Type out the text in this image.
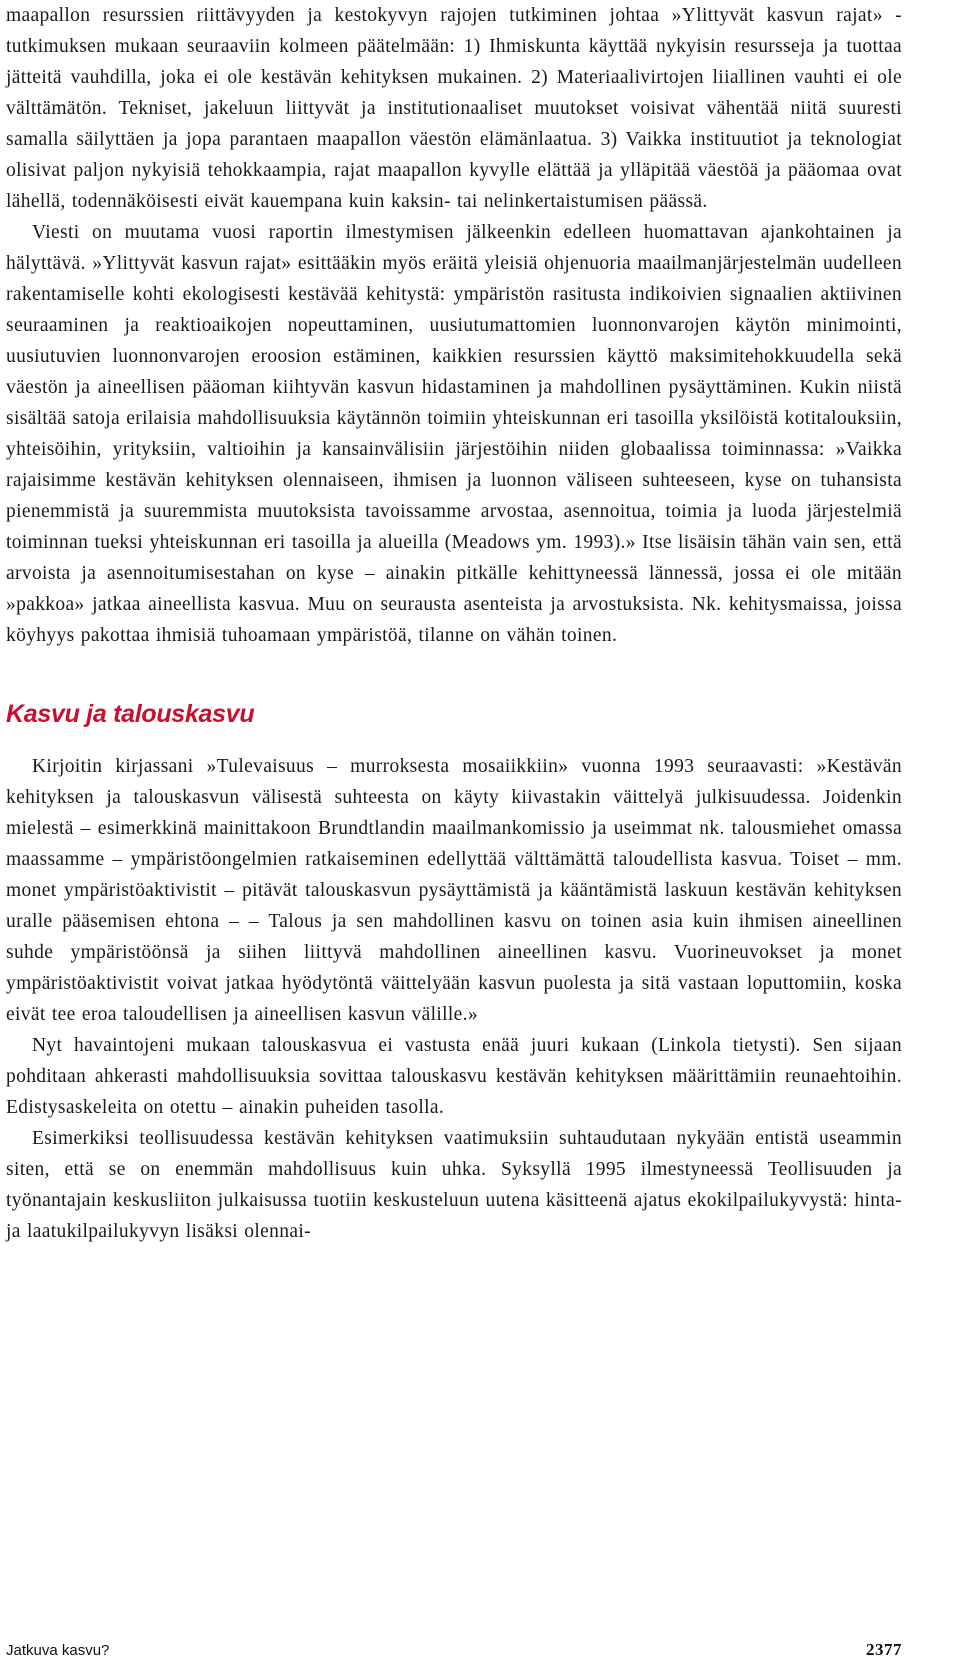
maapallon resurssien riittävyyden ja kestokyvyn rajojen tutkiminen johtaa »Ylittyvät kasvun rajat» -tutkimuksen mukaan seuraaviin kolmeen päätelmään: 1) Ihmiskunta käyttää nykyisin resursseja ja tuottaa jätteitä vauhdilla, joka ei ole kestävän kehityksen mukainen. 2) Materiaalivirtojen liiallinen vauhti ei ole välttämätön. Tekniset, jakeluun liittyvät ja institutionaaliset muutokset voisivat vähentää niitä suuresti samalla säilyttäen ja jopa parantaen maapallon väestön elämänlaatua. 3) Vaikka instituutiot ja teknologiat olisivat paljon nykyisiä tehokkaampia, rajat maapallon kyvylle elättää ja ylläpitää väestöä ja pääomaa ovat lähellä, todennäköisesti eivät kauempana kuin kaksin- tai nelinkertaistumisen päässä.

Viesti on muutama vuosi raportin ilmestymisen jälkeenkin edelleen huomattavan ajankohtainen ja hälyttävä. »Ylittyvät kasvun rajat» esittääkin myös eräitä yleisiä ohjenuoria maailmanjärjestelmän uudelleen rakentamiselle kohti ekologisesti kestävää kehitystä: ympäristön rasitusta indikoivien signaalien aktiivinen seuraaminen ja reaktioaikojen nopeuttaminen, uusiutumattomien luonnonvarojen käytön minimointi, uusiutuvien luonnonvarojen eroosion estäminen, kaikkien resurssien käyttö maksimitehokkuudella sekä väestön ja aineellisen pääoman kiihtyvän kasvun hidastaminen ja mahdollinen pysäyttäminen. Kukin niistä sisältää satoja erilaisia mahdollisuuksia käytännön toimiin yhteiskunnan eri tasoilla yksilöistä kotitalouksiin, yhteisöihin, yrityksiin, valtioihin ja kansainvälisiin järjestöihin niiden globaalissa toiminnassa: »Vaikka rajaisimme kestävän kehityksen olennaiseen, ihmisen ja luonnon väliseen suhteeseen, kyse on tuhansista pienemmistä ja suuremmista muutoksista tavoissamme arvostaa, asennoitua, toimia ja luoda järjestelmiä toiminnan tueksi yhteiskunnan eri tasoilla ja alueilla (Meadows ym. 1993).» Itse lisäisin tähän vain sen, että arvoista ja asennoitumisestahan on kyse – ainakin pitkälle kehittyneessä lännessä, jossa ei ole mitään »pakkoa» jatkaa aineellista kasvua. Muu on seurausta asenteista ja arvostuksista. Nk. kehitysmaissa, joissa köyhyys pakottaa ihmisiä tuhoamaan ympäristöä, tilanne on vähän toinen.

Kasvu ja talouskasvu

Kirjoitin kirjassani »Tulevaisuus – murroksesta mosaiikkiin» vuonna 1993 seuraavasti: »Kestävän kehityksen ja talouskasvun välisestä suhteesta on käyty kiivastakin väittelyä julkisuudessa. Joidenkin mielestä – esimerkkinä mainittakoon Brundtlandin maailmankomissio ja useimmat nk. talousmiehet omassa maassamme – ympäristöongelmien ratkaiseminen edellyttää välttämättä taloudellista kasvua. Toiset – mm. monet ympäristöaktivistit – pitävät talouskasvun pysäyttämistä ja kääntämistä laskuun kestävän kehityksen uralle pääsemisen ehtona – – Talous ja sen mahdollinen kasvu on toinen asia kuin ihmisen aineellinen suhde ympäristöönsä ja siihen liittyvä mahdollinen aineellinen kasvu. Vuorineuvokset ja monet ympäristöaktivistit voivat jatkaa hyödytöntä väittelyään kasvun puolesta ja sitä vastaan loputtomiin, koska eivät tee eroa taloudellisen ja aineellisen kasvun välille.»

Nyt havaintojeni mukaan talouskasvua ei vastusta enää juuri kukaan (Linkola tietysti). Sen sijaan pohditaan ahkerasti mahdollisuuksia sovittaa talouskasvu kestävän kehityksen määrittämiin reunaehtoihin. Edistysaskeleita on otettu – ainakin puheiden tasolla.

Esimerkiksi teollisuudessa kestävän kehityksen vaatimuksiin suhtaudutaan nykyään entistä useammin siten, että se on enemmän mahdollisuus kuin uhka. Syksyllä 1995 ilmestyneessä Teollisuuden ja työnantajain keskusliiton julkaisussa tuotiin keskusteluun uutena käsitteenä ajatus ekokilpailukyvystä: hinta- ja laatukilpailukyvyn lisäksi olennai-

Jatkuva kasvu?	2377
